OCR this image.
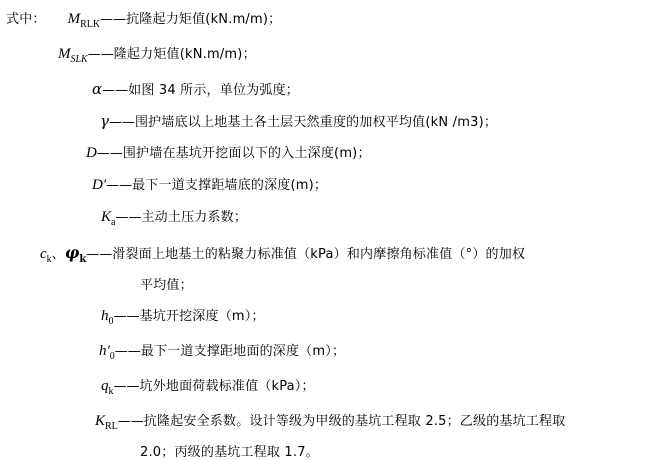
式中： $M_{RLK}$ —— 抗隆起力矩值(kN.m/m)；
$M_{SLK}$ —— 隆起力矩值(kN.m/m)；
α —— 如图 34 所示，单位为弧度；
γ —— 围护墙底以上地基土各土层天然重度的加权平均值(kN /m 3 )；
D —— 围护墙在基坑开挖面以下的入土深度(m)；
D′ —— 最下一道支撑距墙底的深度(m)；
$K_a$ —— 主动土压力系数；
$c_k$ 、 $\varphi_k$ —— 滑裂面上地基土的粘聚力标准值（kPa）和内摩擦角标准值（°）的加权
平均值；
$h_0$ —— 基坑开挖深度（m）；
$h'_0$ —— 最下一道支撑距地面的深度（m）；
$q_k$ —— 坑外地面荷载标准值（kPa）；
$K_{RL}$ —— 抗隆起安全系数。设计等级为甲级的基坑工程取 2.5；乙级的基坑工程取
2.0；丙级的基坑工程取 1.7。
